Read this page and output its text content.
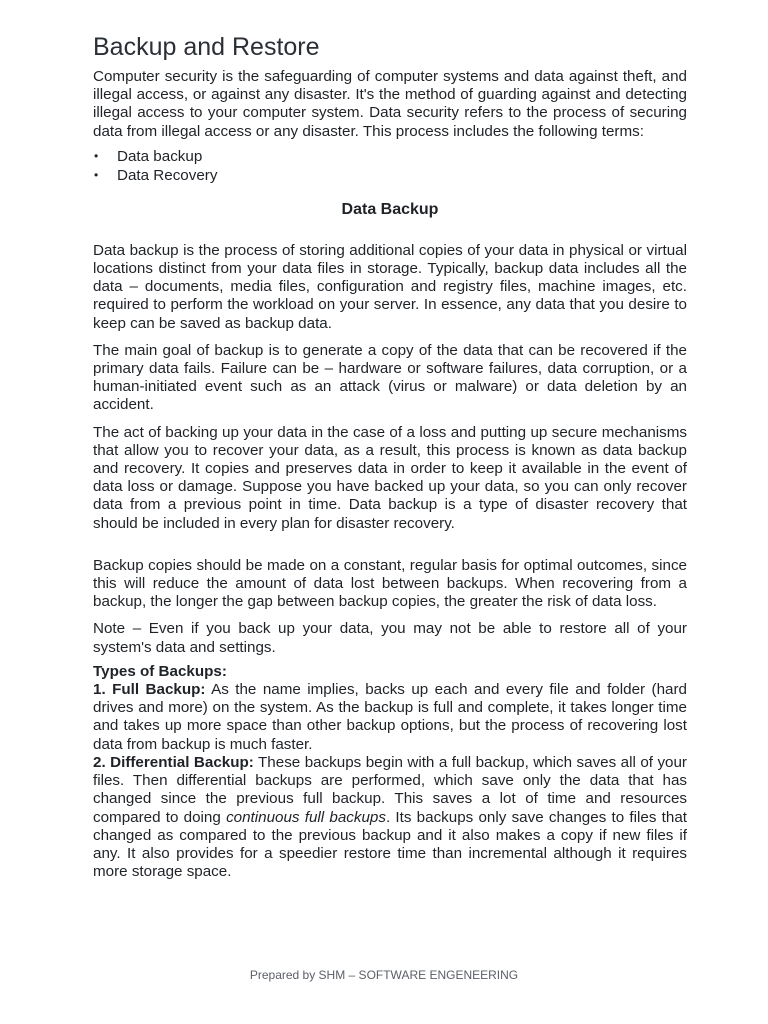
Backup and Restore

Computer security is the safeguarding of computer systems and data against theft, and illegal access, or against any disaster. It's the method of guarding against and detecting illegal access to your computer system. Data security refers to the process of securing data from illegal access or any disaster. This process includes the following terms:

• Data backup
• Data Recovery
Data Backup

Data backup is the process of storing additional copies of your data in physical or virtual locations distinct from your data files in storage. Typically, backup data includes all the data – documents, media files, configuration and registry files, machine images, etc. required to perform the workload on your server. In essence, any data that you desire to keep can be saved as backup data.

The main goal of backup is to generate a copy of the data that can be recovered if the primary data fails. Failure can be – hardware or software failures, data corruption, or a human-initiated event such as an attack (virus or malware) or data deletion by an accident.

The act of backing up your data in the case of a loss and putting up secure mechanisms that allow you to recover your data, as a result, this process is known as data backup and recovery. It copies and preserves data in order to keep it available in the event of data loss or damage. Suppose you have backed up your data, so you can only recover data from a previous point in time. Data backup is a type of disaster recovery that should be included in every plan for disaster recovery.

Backup copies should be made on a constant, regular basis for optimal outcomes, since this will reduce the amount of data lost between backups. When recovering from a backup, the longer the gap between backup copies, the greater the risk of data loss.

Note – Even if you back up your data, you may not be able to restore all of your system's data and settings.

Types of Backups:

1. Full Backup: As the name implies, backs up each and every file and folder (hard drives and more) on the system. As the backup is full and complete, it takes longer time and takes up more space than other backup options, but the process of recovering lost data from backup is much faster.

2. Differential Backup: These backups begin with a full backup, which saves all of your files. Then differential backups are performed, which save only the data that has changed since the previous full backup. This saves a lot of time and resources compared to doing continuous full backups. Its backups only save changes to files that changed as compared to the previous backup and it also makes a copy if new files if any. It also provides for a speedier restore time than incremental although it requires more storage space.

Prepared by SHM – SOFTWARE ENGENEERING
